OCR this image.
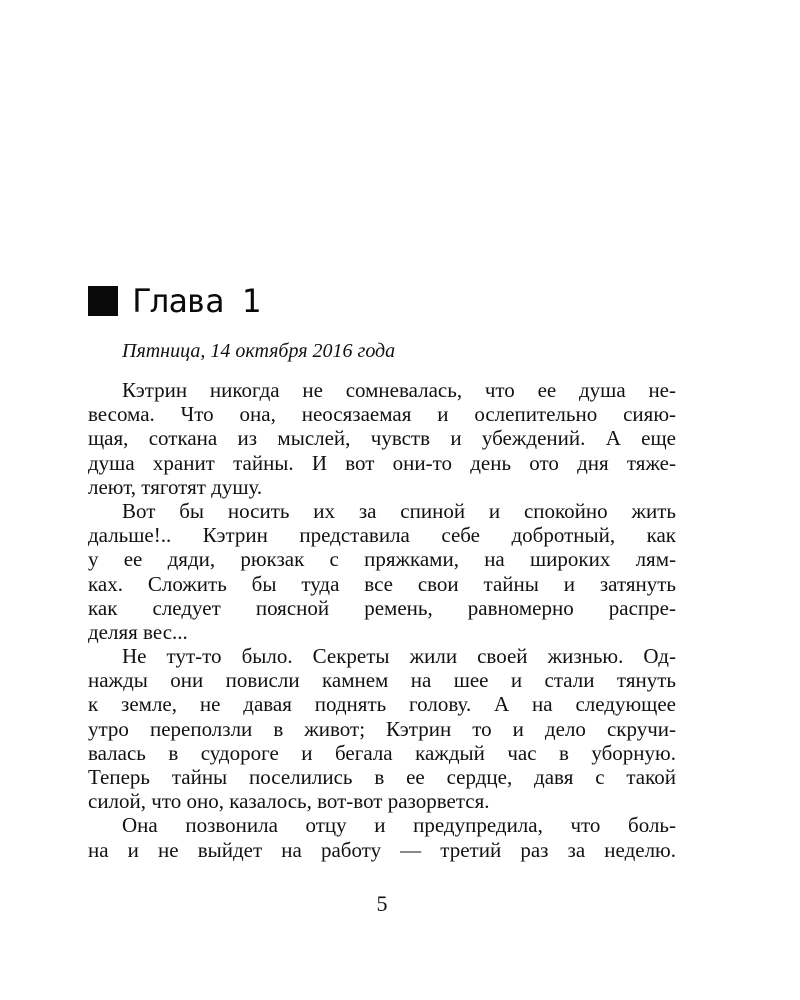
Глава 1
Пятница, 14 октября 2016 года
Кэтрин никогда не сомневалась, что ее душа не-
весома. Что она, неосязаемая и ослепительно сияю-
щая, соткана из мыслей, чувств и убеждений. А еще
душа хранит тайны. И вот они-то день ото дня тяже-
леют, тяготят душу.
Вот бы носить их за спиной и спокойно жить
дальше!.. Кэтрин представила себе добротный, как
у ее дяди, рюкзак с пряжками, на широких лям-
ках. Сложить бы туда все свои тайны и затянуть
как следует поясной ремень, равномерно распре-
деляя вес...
Не тут-то было. Секреты жили своей жизнью. Од-
нажды они повисли камнем на шее и стали тянуть
к земле, не давая поднять голову. А на следующее
утро переползли в живот; Кэтрин то и дело скручи-
валась в судороге и бегала каждый час в уборную.
Теперь тайны поселились в ее сердце, давя с такой
силой, что оно, казалось, вот-вот разорвется.
Она позвонила отцу и предупредила, что боль-
на и не выйдет на работу — третий раз за неделю.
5
